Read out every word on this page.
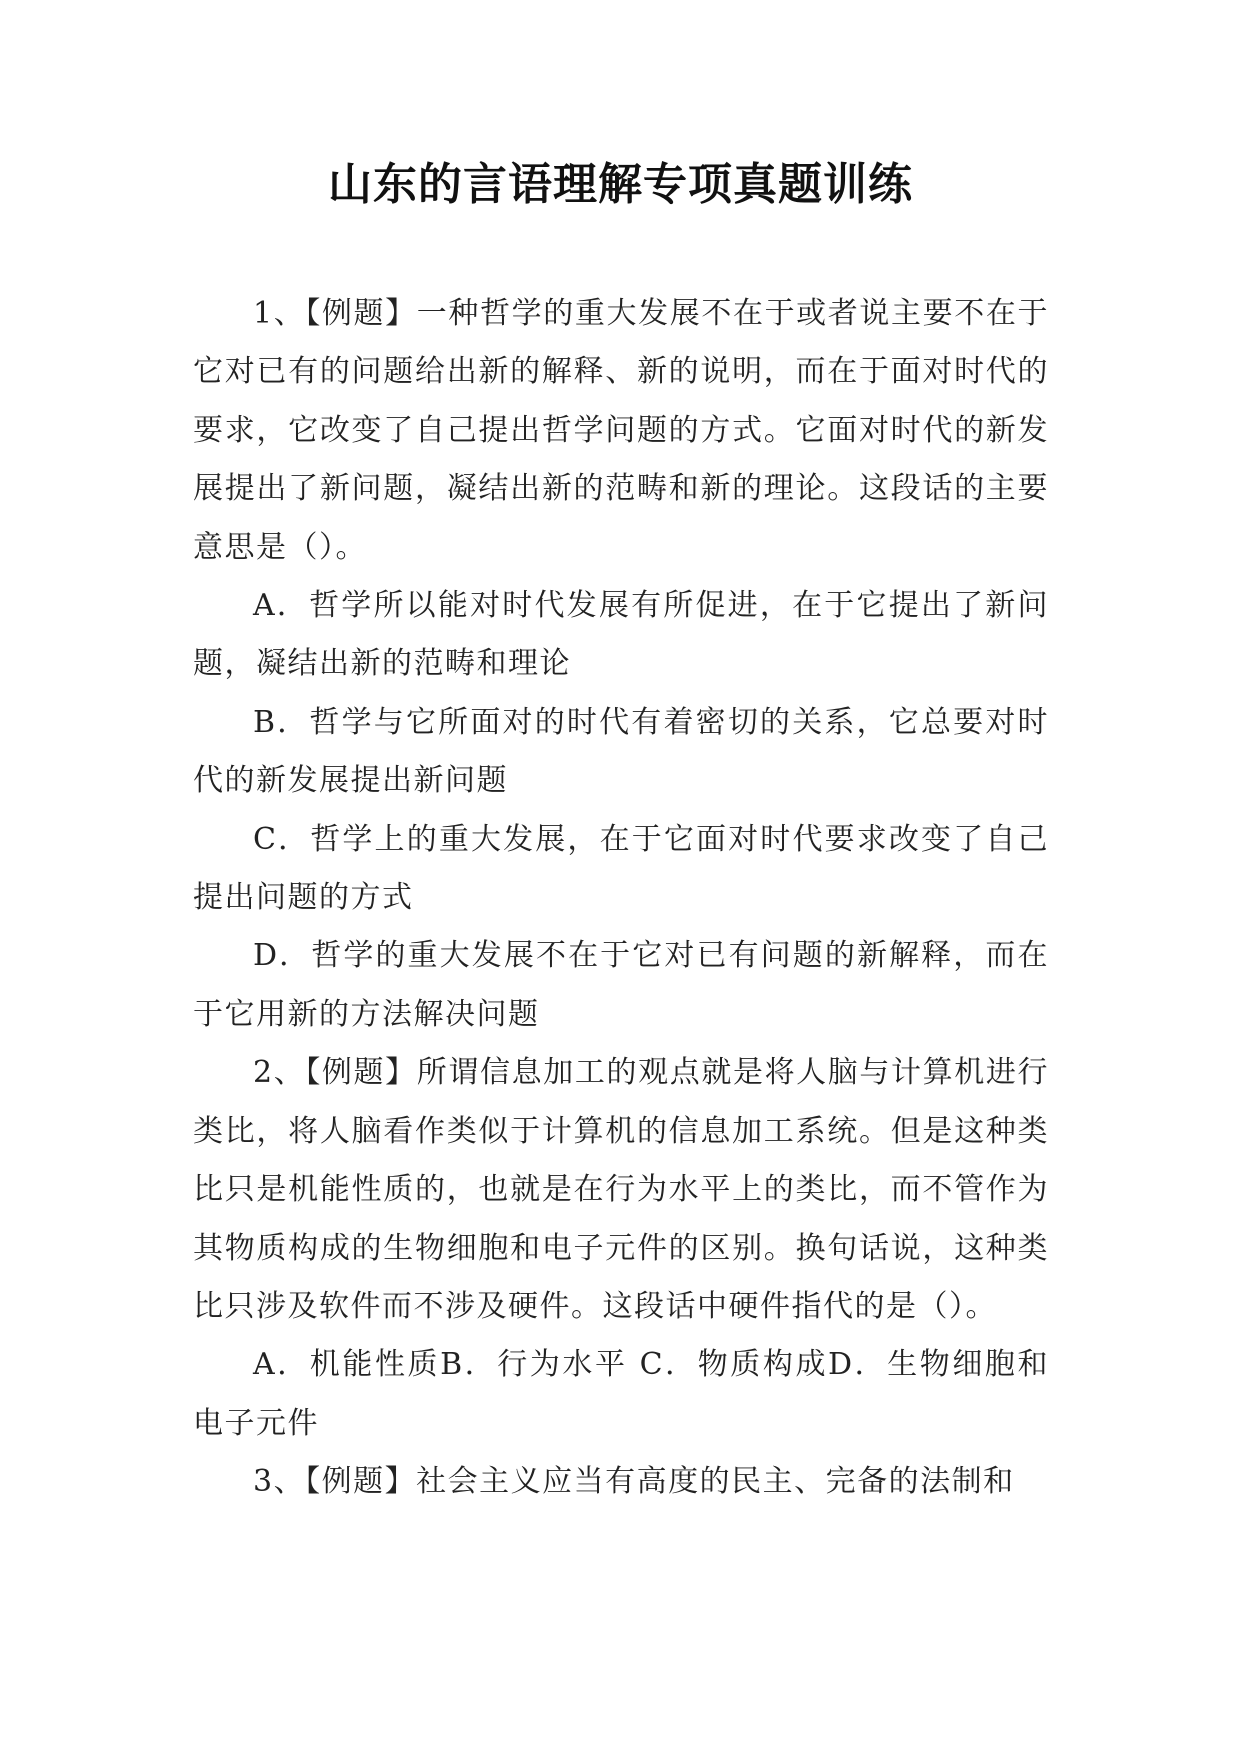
山东的言语理解专项真题训练

1、【例题】一种哲学的重大发展不在于或者说主要不在于它对已有的问题给出新的解释、新的说明，而在于面对时代的要求，它改变了自己提出哲学问题的方式。它面对时代的新发展提出了新问题，凝结出新的范畴和新的理论。这段话的主要意思是（）。

A．哲学所以能对时代发展有所促进，在于它提出了新问题，凝结出新的范畴和理论

B．哲学与它所面对的时代有着密切的关系，它总要对时代的新发展提出新问题

C．哲学上的重大发展，在于它面对时代要求改变了自己提出问题的方式

D．哲学的重大发展不在于它对已有问题的新解释，而在于它用新的方法解决问题

2、【例题】所谓信息加工的观点就是将人脑与计算机进行类比，将人脑看作类似于计算机的信息加工系统。但是这种类比只是机能性质的，也就是在行为水平上的类比，而不管作为其物质构成的生物细胞和电子元件的区别。换句话说，这种类比只涉及软件而不涉及硬件。这段话中硬件指代的是（）。

A．机能性质B．行为水平 C．物质构成D．生物细胞和电子元件

3、【例题】社会主义应当有高度的民主、完备的法制和
